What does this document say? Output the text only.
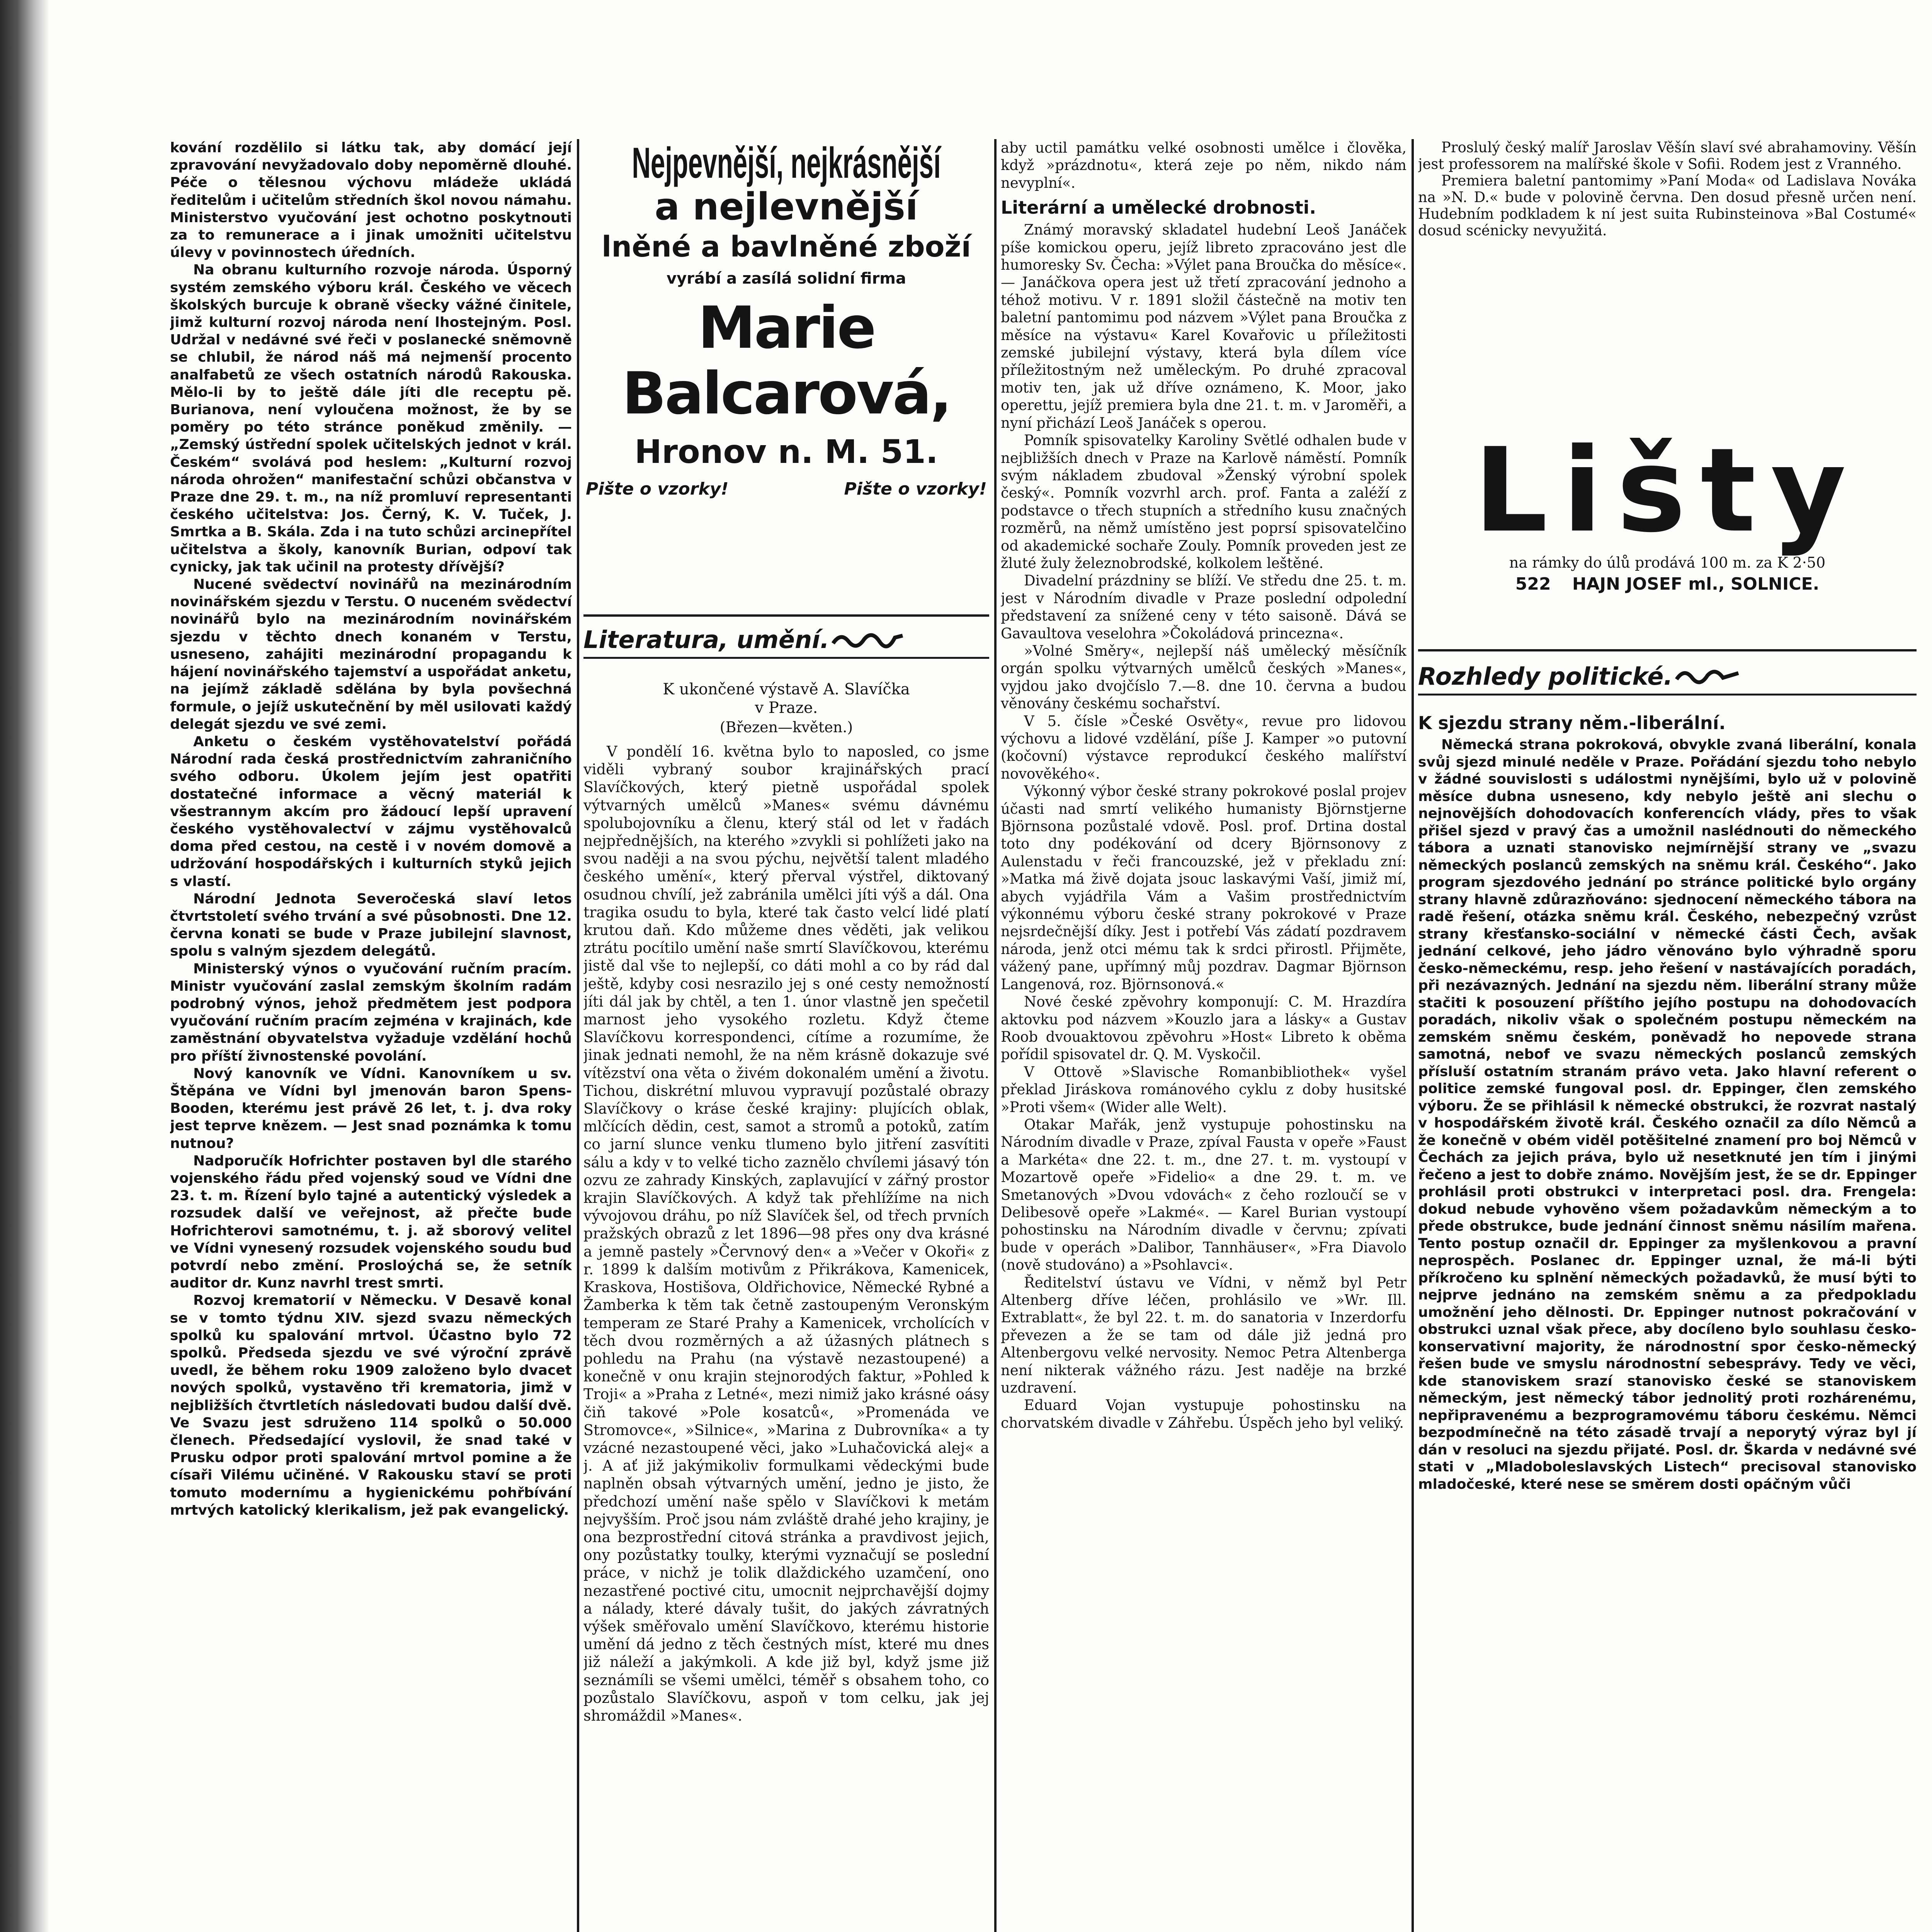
kování rozdělilo si látku tak, aby domácí její zpravování nevyžadovalo doby nepoměrně dlouhé. Péče o tělesnou výchovu mládeže ukládá ředitelům i učitelům středních škol novou námahu. Ministerstvo vyučování jest ochotno poskytnouti za to remunerace a i jinak umožniti učitelstvu úlevy v povinnostech úředních.

Na obranu kulturního rozvoje národa. Úsporný systém zemského výboru král. Českého ve věcech školských burcuje k obraně všecky vážné činitele, jimž kulturní rozvoj národa není lhostejným. Posl. Udržal v nedávné své řeči v poslanecké sněmovně se chlubil, že národ náš má nejmenší procento analfabetů ze všech ostatních národů Rakouska. Mělo-li by to ještě dále jíti dle receptu pě. Burianova, není vyloučena možnost, že by se poměry po této stránce poněkud změnily. — „Zemský ústřední spolek učitelských jednot v král. Českém“ svolává pod heslem: „Kulturní rozvoj národa ohrožen“ manifestační schůzi občanstva v Praze dne 29. t. m., na níž promluví representanti českého učitelstva: Jos. Černý, K. V. Tuček, J. Smrtka a B. Skála. Zda i na tuto schůzi arcinepřítel učitelstva a školy, kanovník Burian, odpoví tak cynicky, jak tak učinil na protesty dřívější?

Nucené svědectví novinářů na mezinárodním novinářském sjezdu v Terstu. O nuceném svědectví novinářů bylo na mezinárodním novinářském sjezdu v těchto dnech konaném v Terstu, usneseno, zahájiti mezinárodní propagandu k hájení novinářského tajemství a uspořádat anketu, na jejímž základě sdělána by byla povšechná formule, o jejíž uskutečnění by měl usilovati každý delegát sjezdu ve své zemi.

Anketu o českém vystěhovatelství pořádá Národní rada česká prostřednictvím zahraničního svého odboru. Úkolem jejím jest opatřiti dostatečné informace a věcný materiál k všestrannym akcím pro žádoucí lepší upravení českého vystěhovalectví v zájmu vystěhovalců doma před cestou, na cestě i v novém domově a udržování hospodářských i kulturních styků jejich s vlastí.

Národní Jednota Severočeská slaví letos čtvrtstoletí svého trvání a své působnosti. Dne 12. června konati se bude v Praze jubilejní slavnost, spolu s valným sjezdem delegátů.

Ministerský výnos o vyučování ručním pracím. Ministr vyučování zaslal zemským školním radám podrobný výnos, jehož předmětem jest podpora vyučování ručním pracím zejména v krajinách, kde zaměstnání obyvatelstva vyžaduje vzdělání hochů pro příští živnostenské povolání.

Nový kanovník ve Vídni. Kanovníkem u sv. Štěpána ve Vídni byl jmenován baron Spens-Booden, kterému jest právě 26 let, t. j. dva roky jest teprve knězem. — Jest snad poznámka k tomu nutnou?

Nadporučík Hofrichter postaven byl dle starého vojenského řádu před vojenský soud ve Vídni dne 23. t. m. Řízení bylo tajné a autentický výsledek a rozsudek další ve veřejnost, až přečte bude Hofrichterovi samotnému, t. j. až sborový velitel ve Vídni vynesený rozsudek vojenského soudu bud potvrdí nebo změní. Prosloýchá se, že setník auditor dr. Kunz navrhl trest smrti.

Rozvoj krematorií v Německu. V Desavě konal se v tomto týdnu XIV. sjezd svazu německých spolků ku spalování mrtvol. Účastno bylo 72 spolků. Předseda sjezdu ve své výroční zprávě uvedl, že během roku 1909 založeno bylo dvacet nových spolků, vystavěno tři krematoria, jimž v nejbližších čtvrtletích následovati budou další dvě. Ve Svazu jest sdruženo 114 spolků o 50.000 členech. Předsedající vyslovil, že snad také v Prusku odpor proti spalování mrtvol pomine a že císaři Vilému učiněné. V Rakousku staví se proti tomuto modernímu a hygienickému pohřbívání mrtvých katolický klerikalism, jež pak evangelický.

Nejpevnější, nejkrásnější

a nejlevnější

lněné a bavlněné zboží

vyrábí a zasílá solidní firma

Marie Balcarová,

Hronov n. M. 51.

Pište o vzorky!	Pište o vzorky!
Literatura, umění.

K ukončené výstavě A. Slavíčka

v Praze.

(Březen—květen.)

V pondělí 16. května bylo to naposled, co jsme viděli vybraný soubor krajinářských prací Slavíčkových, který pietně uspořádal spolek výtvarných umělců »Manes« svému dávnému spolubojovníku a členu, který stál od let v řadách nejpřednějších, na kterého »zvykli si pohlížeti jako na svou naději a na svou pýchu, největší talent mladého českého umění«, který přerval výstřel, diktovaný osudnou chvílí, jež zabránila umělci jíti výš a dál. Ona tragika osudu to byla, které tak často velcí lidé platí krutou daň. Kdo můžeme dnes věděti, jak velikou ztrátu pocítilo umění naše smrtí Slavíčkovou, kterému jistě dal vše to nejlepší, co dáti mohl a co by rád dal ještě, kdyby cosi nesrazilo jej s oné cesty nemožností jíti dál jak by chtěl, a ten 1. únor vlastně jen spečetil marnost jeho vysokého rozletu. Když čteme Slavíčkovu korrespondenci, cítíme a rozumíme, že jinak jednati nemohl, že na něm krásně dokazuje své vítězství ona věta o živém dokonalém umění a životu. Tichou, diskrétní mluvou vypravují pozůstalé obrazy Slavíčkovy o kráse české krajiny: plujících oblak, mlčících dědin, cest, samot a stromů a potoků, zatím co jarní slunce venku tlumeno bylo jitření zasvítiti sálu a kdy v to velké ticho zaznělo chvílemi jásavý tón ozvu ze zahrady Kinských, zaplavující v zářný prostor krajin Slavíčkových. A když tak přehlížíme na nich vývojovou dráhu, po níž Slavíček šel, od třech prvních pražských obrazů z let 1896—98 přes ony dva krásné a jemně pastely »Červnový den« a »Večer v Okoři« z r. 1899 k dalším motivům z Přikrákova, Kamenicek, Kraskova, Hostišova, Oldřichovice, Německé Rybné a Žamberka k těm tak četně zastoupeným Veronským temperam ze Staré Prahy a Kamenicek, vrcholících v těch dvou rozměrných a až úžasných plátnech s pohledu na Prahu (na výstavě nezastoupené) a konečně v onu krajin stejnorodých faktur, »Pohled k Troji« a »Praha z Letné«, mezi nimiž jako krásné oásy čiň takové »Pole kosatců«, »Promenáda ve Stromovce«, »Silnice«, »Marina z Dubrovníka« a ty vzácné nezastoupené věci, jako »Luhačovická alej« a j. A ať již jakýmikoliv formulkami vědeckými bude naplněn obsah výtvarných umění, jedno je jisto, že předchozí umění naše spělo v Slavíčkovi k metám nejvyšším. Proč jsou nám zvláště drahé jeho krajiny, je ona bezprostřední citová stránka a pravdivost jejich, ony pozůstatky toulky, kterými vyznačují se poslední práce, v nichž je tolik dlaždického uzamčení, ono nezastřené poctivé citu, umocnit nejprchavější dojmy a nálady, které dávaly tušit, do jakých závratných výšek směřovalo umění Slavíčkovo, kterému historie umění dá jedno z těch čestných míst, které mu dnes již náleží a jakýmkoli. A kde již byl, když jsme již seznámíli se všemi umělci, téměř s obsahem toho, co pozůstalo Slavíčkovu, aspoň v tom celku, jak jej shromáždil »Manes«.

aby uctil památku velké osobnosti umělce i člověka, když »prázdnotu«, která zeje po něm, nikdo nám nevyplní«.

Literární a umělecké drobnosti.

Známý moravský skladatel hudební Leoš Janáček píše komickou operu, jejíž libreto zpracováno jest dle humoresky Sv. Čecha: »Výlet pana Broučka do měsíce«. — Janáčkova opera jest už třetí zpracování jednoho a téhož motivu. V r. 1891 složil částečně na motiv ten baletní pantomimu pod názvem »Výlet pana Broučka z měsíce na výstavu« Karel Kovařovic u příležitosti zemské jubilejní výstavy, která byla dílem více příležitostným než uměleckým. Po druhé zpracoval motiv ten, jak už dříve oznámeno, K. Moor, jako operettu, jejíž premiera byla dne 21. t. m. v Jaroměři, a nyní přichází Leoš Janáček s operou.

Pomník spisovatelky Karoliny Světlé odhalen bude v nejbližších dnech v Praze na Karlově náměstí. Pomník svým nákladem zbudoval »Ženský výrobní spolek český«. Pomník vozvrhl arch. prof. Fanta a zaléží z podstavce o třech stupních a středního kusu značných rozměrů, na němž umístěno jest poprsí spisovatelčino od akademické sochaře Zouly. Pomník proveden jest ze žluté žuly železnobrodské, kolkolem leštěné.

Divadelní prázdniny se blíží. Ve středu dne 25. t. m. jest v Národním divadle v Praze poslední odpolední představení za snížené ceny v této saisoně. Dává se Gavaultova veselohra »Čokoládová princezna«.

»Volné Směry«, nejlepší náš umělecký měsíčník orgán spolku výtvarných umělců českých »Manes«, vyjdou jako dvojčíslo 7.—8. dne 10. června a budou věnovány českému sochařství.

V 5. čísle »České Osvěty«, revue pro lidovou výchovu a lidové vzdělání, píše J. Kamper »o putovní (kočovní) výstavce reprodukcí českého malířství novověkého«.

Výkonný výbor české strany pokrokové poslal projev účasti nad smrtí velikého humanisty Björnstjerne Björnsona pozůstalé vdově. Posl. prof. Drtina dostal toto dny podékování od dcery Björnsonovy z Aulenstadu v řeči francouzské, jež v překladu zní: »Matka má živě dojata jsouc laskavými Vaší, jimiž mí, abych vyjádřila Vám a Vašim prostřednictvím výkonnému výboru české strany pokrokové v Praze nejsrdečnější díky. Jest i potřebí Vás zádatí pozdravem národa, jenž otci mému tak k srdci přirostl. Přijměte, vážený pane, upřímný můj pozdrav. Dagmar Björnson Langenová, roz. Björnsonová.«

Nové české zpěvohry komponují: C. M. Hrazdíra aktovku pod názvem »Kouzlo jara a lásky« a Gustav Roob dvouaktovou zpěvohru »Host« Libreto k oběma pořídil spisovatel dr. Q. M. Vyskočil.

V Ottově »Slavische Romanbibliothek« vyšel překlad Jiráskova románového cyklu z doby husitské »Proti všem« (Wider alle Welt).

Otakar Mařák, jenž vystupuje pohostinsku na Národním divadle v Praze, zpíval Fausta v opeře »Faust a Markéta« dne 22. t. m., dne 27. t. m. vystoupí v Mozartově opeře »Fidelio« a dne 29. t. m. ve Smetanových »Dvou vdovách« z čeho rozloučí se v Delibesově opeře »Lakmé«. — Karel Burian vystoupí pohostinsku na Národním divadle v červnu; zpívati bude v operách »Dalibor, Tannhäuser«, »Fra Diavolo (nově studováno) a »Psohlavci«.

Ředitelství ústavu ve Vídni, v němž byl Petr Altenberg dříve léčen, prohlásilo ve »Wr. Ill. Extrablatt«, že byl 22. t. m. do sanatoria v Inzerdorfu převezen a že se tam od dále již jedná pro Altenbergovu velké nervosity. Nemoc Petra Altenberga není nikterak vážného rázu. Jest naděje na brzké uzdravení.

Eduard Vojan vystupuje pohostinsku na chorvatském divadle v Záhřebu. Úspěch jeho byl veliký.

Proslulý český malíř Jaroslav Věšín slaví své abrahamoviny. Věšín jest professorem na malířské škole v Sofii. Rodem jest z Vranného.

Premiera baletní pantomimy »Paní Moda« od Ladislava Nováka na »N. D.« bude v polovině června. Den dosud přesně určen není. Hudebním podkladem k ní jest suita Rubinsteinova »Bal Costumé« dosud scénicky nevyužitá.

Lišty

na rámky do úlů prodává 100 m. za K 2·50

522 HAJN JOSEF ml., SOLNICE.

Rozhledy politické.

K sjezdu strany něm.-liberální.

Německá strana pokroková, obvykle zvaná liberální, konala svůj sjezd minulé neděle v Praze. Pořádání sjezdu toho nebylo v žádné souvislosti s událostmi nynějšími, bylo už v polovině měsíce dubna usneseno, kdy nebylo ještě ani slechu o nejnovějších dohodovacích konferencích vlády, přes to však přišel sjezd v pravý čas a umožnil naslédnouti do německého tábora a uznati stanovisko nejmírnější strany ve „svazu německých poslanců zemských na sněmu král. Českého“. Jako program sjezdového jednání po stránce politické bylo orgány strany hlavně zdůrazňováno: sjednocení německého tábora na radě řešení, otázka sněmu král. Českého, nebezpečný vzrůst strany křesťansko-sociální v německé části Čech, avšak jednání celkové, jeho jádro věnováno bylo výhradně sporu česko-německému, resp. jeho řešení v nastávajících poradách, při nezávazných. Jednání na sjezdu něm. liberální strany může stačiti k posouzení příštího jejího postupu na dohodovacích poradách, nikoliv však o společném postupu německém na zemském sněmu českém, poněvadž ho nepovede strana samotná, nebof ve svazu německých poslanců zemských přísluší ostatním stranám právo veta. Jako hlavní referent o politice zemské fungoval posl. dr. Eppinger, člen zemského výboru. Že se přihlásil k německé obstrukci, že rozvrat nastalý v hospodářském životě král. Českého označil za dílo Němců a že konečně v obém viděl potěšitelné znamení pro boj Němců v Čechách za jejich práva, bylo už nesetknuté jen tím i jinými řečeno a jest to dobře známo. Novějším jest, že se dr. Eppinger prohlásil proti obstrukci v interpretaci posl. dra. Frengela: dokud nebude vyhověno všem požadavkům německým a to přede obstrukce, bude jednání činnost sněmu násilím mařena. Tento postup označil dr. Eppinger za myšlenkovou a pravní neprospěch. Poslanec dr. Eppinger uznal, že má-li býti příkročeno ku splnění německých požadavků, že musí býti to nejprve jednáno na zemském sněmu a za předpokladu umožnění jeho dělnosti. Dr. Eppinger nutnost pokračování v obstrukci uznal však přece, aby docíleno bylo souhlasu česko-konservativní majority, že národnostní spor česko-německý řešen bude ve smyslu národnostní sebesprávy. Tedy ve věci, kde stanoviskem srazí stanovisko české se stanoviskem německým, jest německý tábor jednolitý proti rozhárenému, nepřipravenému a bezprogramovému táboru českému. Němci bezpodmínečně na této zásadě trvají a neporytý výraz byl jí dán v resoluci na sjezdu přijaté. Posl. dr. Škarda v nedávné své stati v „Mladoboleslavských Listech“ precisoval stanovisko mladočeské, které nese se směrem dosti opáčným vůči
